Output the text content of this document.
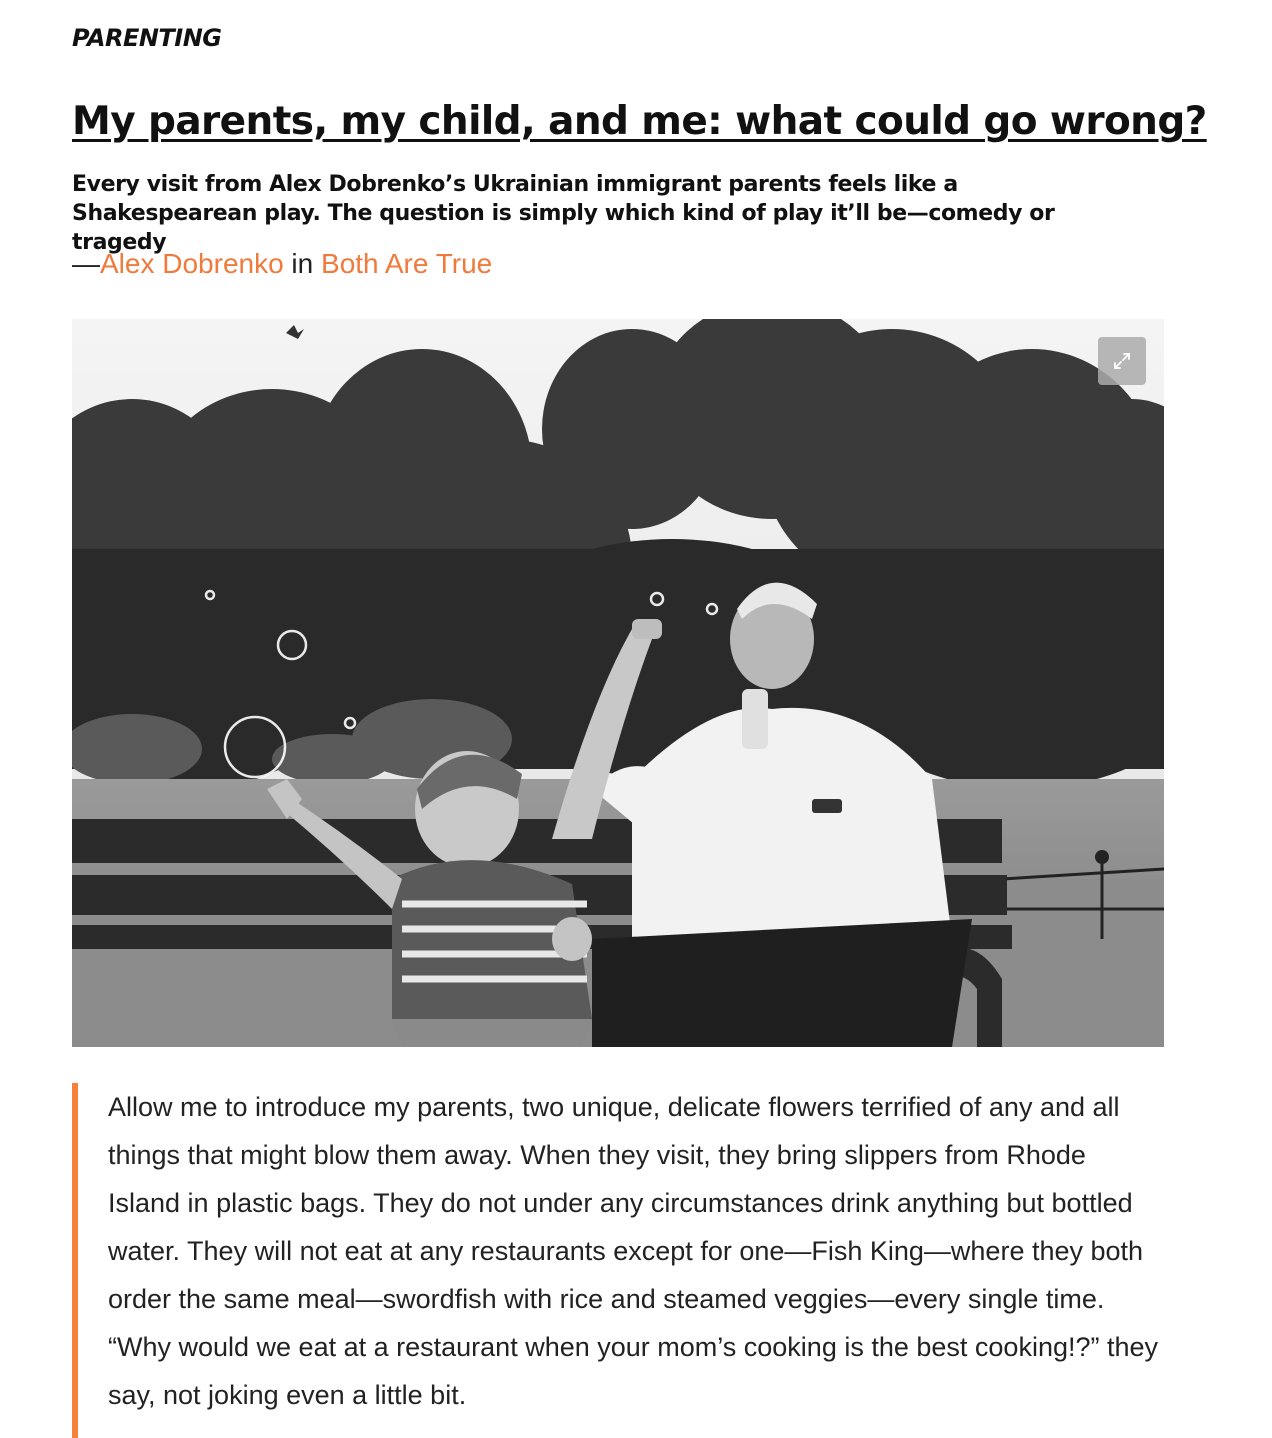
PARENTING
My parents, my child, and me: what could go wrong?
Every visit from Alex Dobrenko’s Ukrainian immigrant parents feels like a Shakespearean play. The question is simply which kind of play it’ll be—comedy or tragedy
—Alex Dobrenko in Both Are True

Allow me to introduce my parents, two unique, delicate flowers terrified of any and all things that might blow them away. When they visit, they bring slippers from Rhode Island in plastic bags. They do not under any circumstances drink anything but bottled water. They will not eat at any restaurants except for one—Fish King—where they both order the same meal—swordfish with rice and steamed veggies—every single time. “Why would we eat at a restaurant when your mom’s cooking is the best cooking!?” they say, not joking even a little bit.
